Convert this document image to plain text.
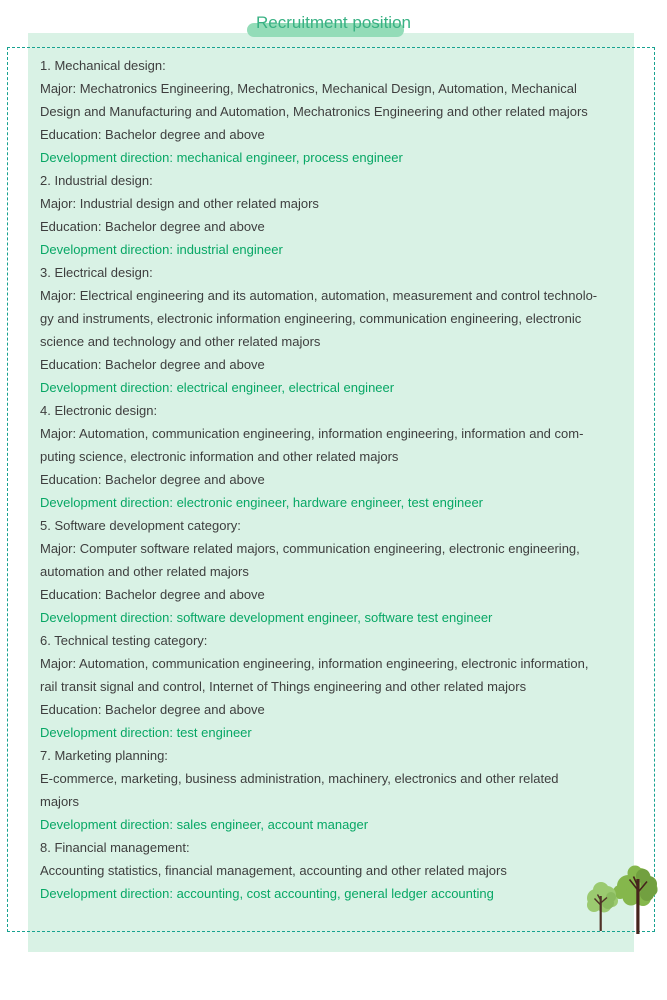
Recruitment position
1. Mechanical design:
Major: Mechatronics Engineering, Mechatronics, Mechanical Design, Automation, Mechanical
Design and Manufacturing and Automation, Mechatronics Engineering and other related majors
Education: Bachelor degree and above
Development direction: mechanical engineer, process engineer
2. Industrial design:
Major: Industrial design and other related majors
Education: Bachelor degree and above
Development direction: industrial engineer
3. Electrical design:
Major: Electrical engineering and its automation, automation, measurement and control technolo-
gy and instruments, electronic information engineering, communication engineering, electronic
science and technology and other related majors
Education: Bachelor degree and above
Development direction: electrical engineer, electrical engineer
4. Electronic design:
Major: Automation, communication engineering, information engineering, information and com-
puting science, electronic information and other related majors
Education: Bachelor degree and above
Development direction: electronic engineer, hardware engineer, test engineer
5. Software development category:
Major: Computer software related majors, communication engineering, electronic engineering,
automation and other related majors
Education: Bachelor degree and above
Development direction: software development engineer, software test engineer
6. Technical testing category:
Major: Automation, communication engineering, information engineering, electronic information,
rail transit signal and control, Internet of Things engineering and other related majors
Education: Bachelor degree and above
Development direction: test engineer
7. Marketing planning:
E-commerce, marketing, business administration, machinery, electronics and other related
majors
Development direction: sales engineer, account manager
8. Financial management:
Accounting statistics, financial management, accounting and other related majors
Development direction: accounting, cost accounting, general ledger accounting
